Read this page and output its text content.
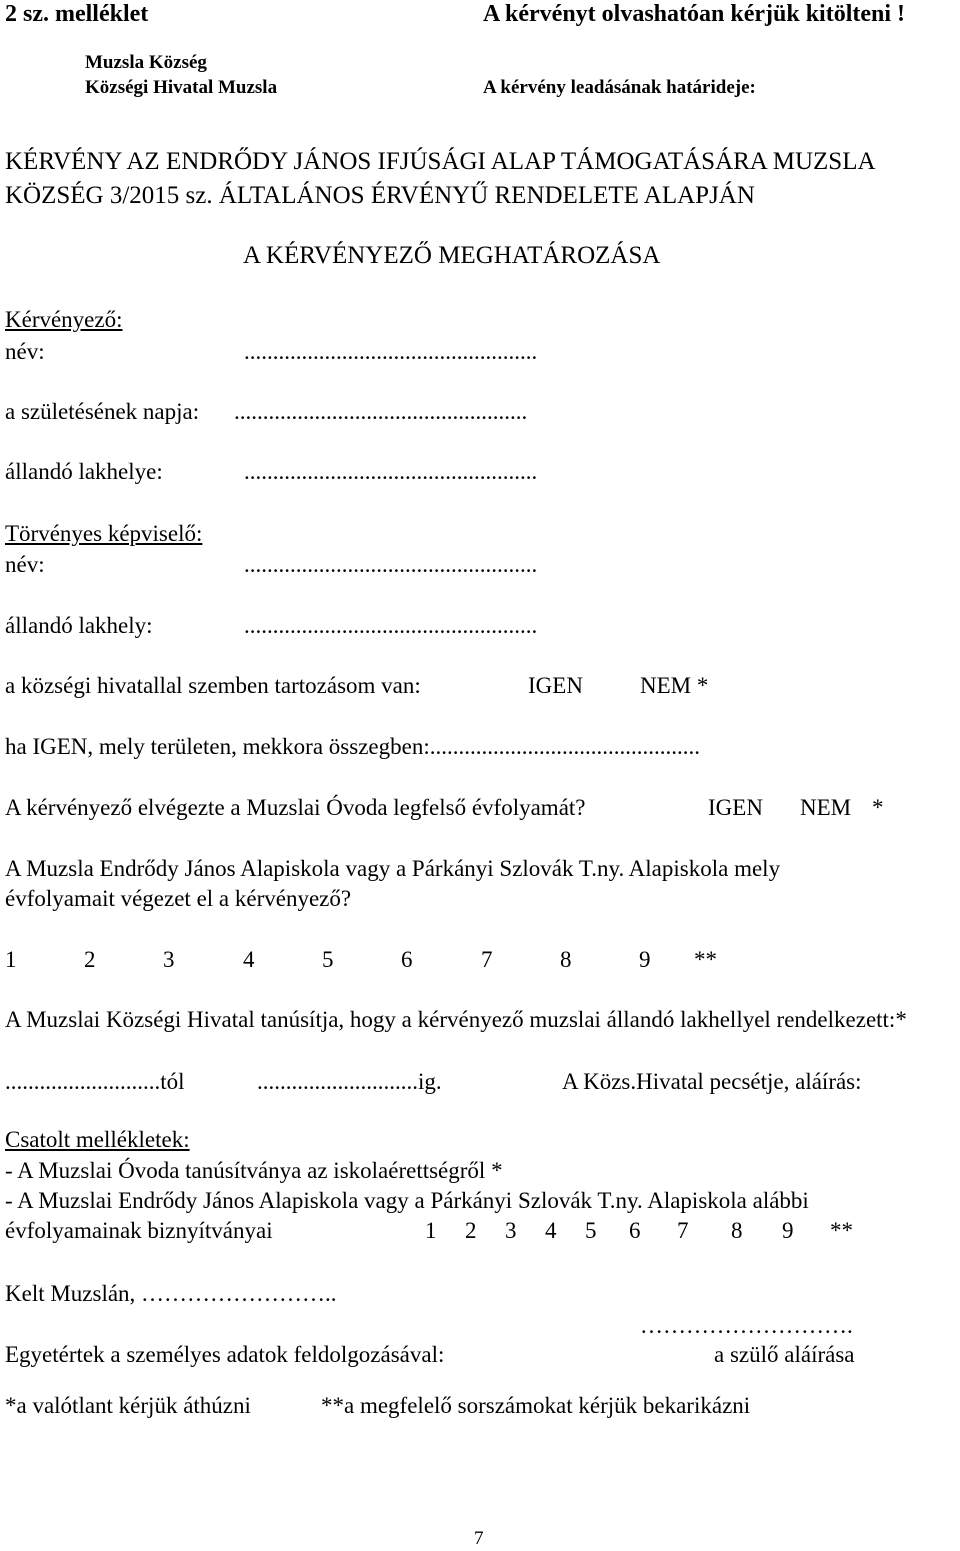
2 sz. melléklet	A kérvényt olvashatóan kérjük kitölteni !
Muzsla Község
Községi Hivatal Muzsla	A kérvény leadásának határideje:
KÉRVÉNY AZ ENDRŐDY JÁNOS IFJÚSÁGI ALAP TÁMOGATÁSÁRA MUZSLA
KÖZSÉG 3/2015 sz. ÁLTALÁNOS ÉRVÉNYŰ RENDELETE ALAPJÁN
A KÉRVÉNYEZŐ MEGHATÁROZÁSA
Kérvényező:
név:	...................................................
a születésének napja: ...................................................
állandó lakhelye:	...................................................
Törvényes képviselő:
név:	...................................................
állandó lakhely:	...................................................
a községi hivatallal szemben tartozásom van:	IGEN NEM *
ha IGEN, mely területen, mekkora összegben:...............................................
A kérvényező elvégezte a Muzslai Óvoda legfelső évfolyamát?	IGEN NEM *
A Muzsla Endrődy János Alapiskola vagy a Párkányi Szlovák T.ny. Alapiskola mely
évfolyamait végezet el a kérvényező?
1	2	3	4	5	6	7	8	9 **
A Muzslai Községi Hivatal tanúsítja, hogy a kérvényező muzslai állandó lakhellyel rendelkezett:*
...........................tól	............................ig.	A Közs.Hivatal pecsétje, aláírás:
Csatolt mellékletek:
- A Muzslai Óvoda tanúsítványa az iskolaérettségről *
- A Muzslai Endrődy János Alapiskola vagy a Párkányi Szlovák T.ny. Alapiskola alábbi
évfolyamainak biznyítványai	1 2 3 4 5 6 7 8 9 **
Kelt Muzslán, ……………………..
……………………….
Egyetértek a személyes adatok feldolgozásával:	a szülő aláírása
*a valótlant kérjük áthúzni	**a megfelelő sorszámokat kérjük bekarikázni
7
